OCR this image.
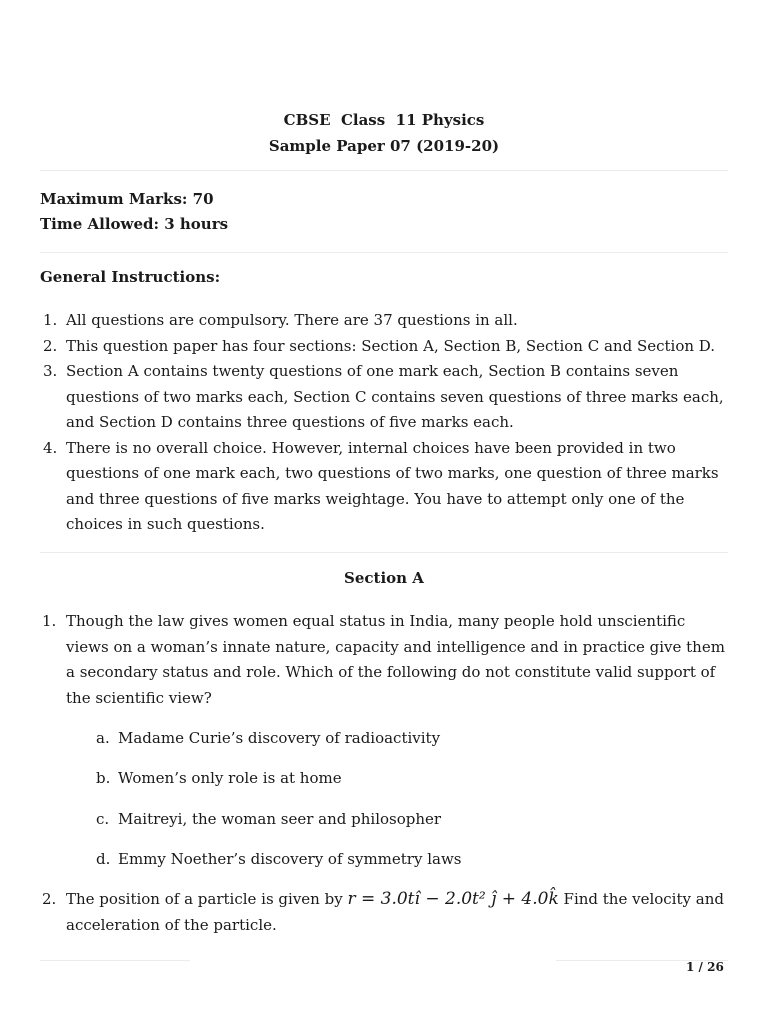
CBSE  Class  11 Physics
Sample Paper 07 (2019-20)
Maximum Marks: 70
Time Allowed: 3 hours
General Instructions:
1. All questions are compulsory. There are 37 questions in all.
2. This question paper has four sections: Section A, Section B, Section C and Section D.
3. Section A contains twenty questions of one mark each, Section B contains seven questions of two marks each, Section C contains seven questions of three marks each, and Section D contains three questions of five marks each.
4. There is no overall choice. However, internal choices have been provided in two questions of one mark each, two questions of two marks, one question of three marks and three questions of five marks weightage. You have to attempt only one of the choices in such questions.
Section A
1. Though the law gives women equal status in India, many people hold unscientific views on a woman’s innate nature, capacity and intelligence and in practice give them a secondary status and role. Which of the following do not constitute valid support of the scientific view?
a. Madame Curie’s discovery of radioactivity
b. Women’s only role is at home
c. Maitreyi, the woman seer and philosopher
d. Emmy Noether’s discovery of symmetry laws
2. The position of a particle is given by r = 3.0tî − 2.0t² ĵ + 4.0k̂ Find the velocity and acceleration of the particle.
1 / 26
